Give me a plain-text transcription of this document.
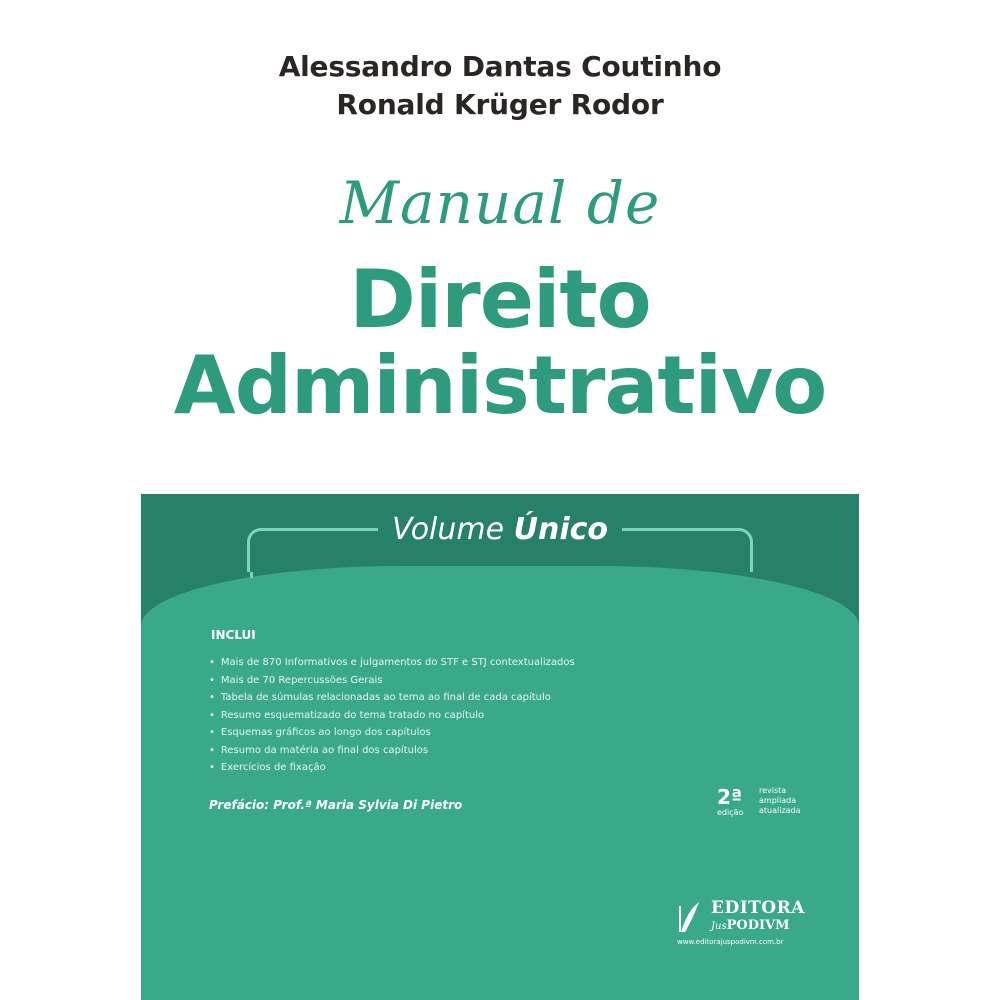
Alessandro Dantas Coutinho
Ronald Krüger Rodor
Manual de
Direito
Administrativo
Volume Único
INCLUI
• Mais de 870 Informativos e julgamentos do STF e STJ contextualizados
• Mais de 70 Repercussões Gerais
• Tabela de súmulas relacionadas ao tema ao final de cada capítulo
• Resumo esquematizado do tema tratado no capítulo
• Esquemas gráficos ao longo dos capítulos
• Resumo da matéria ao final dos capítulos
• Exercícios de fixação
Prefácio: Prof.ª Maria Sylvia Di Pietro	2ª
edição
revista
ampliada
atualizada
EDITORA
JusPODIVM
www.editorajuspodivm.com.br
